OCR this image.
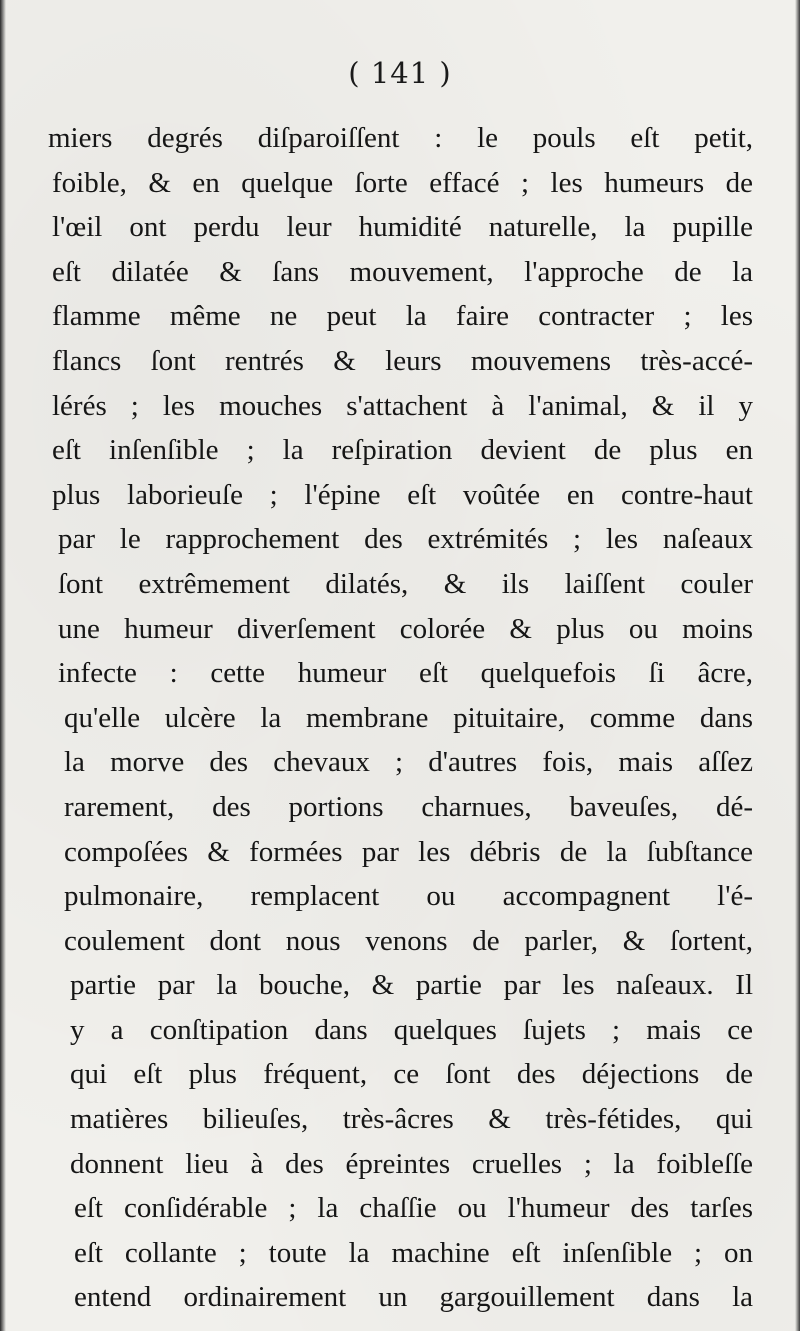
( 141 )
miers degrés diſparoiſſent : le pouls eſt petit,
foible, & en quelque ſorte effacé ; les humeurs de
l'œil ont perdu leur humidité naturelle, la pupille
eſt dilatée & ſans mouvement, l'approche de la
flamme même ne peut la faire contracter ; les
flancs ſont rentrés & leurs mouvemens très-accé-
lérés ; les mouches s'attachent à l'animal, & il y
eſt inſenſible ; la reſpiration devient de plus en
plus laborieuſe ; l'épine eſt voûtée en contre-haut
par le rapprochement des extrémités ; les naſeaux
ſont extrêmement dilatés, & ils laiſſent couler
une humeur diverſement colorée & plus ou moins
infecte : cette humeur eſt quelquefois ſi âcre,
qu'elle ulcère la membrane pituitaire, comme dans
la morve des chevaux ; d'autres fois, mais aſſez
rarement, des portions charnues, baveuſes, dé-
compoſées & formées par les débris de la ſubſtance
pulmonaire, remplacent ou accompagnent l'é-
coulement dont nous venons de parler, & ſortent,
partie par la bouche, & partie par les naſeaux. Il
y a conſtipation dans quelques ſujets ; mais ce
qui eſt plus fréquent, ce ſont des déjections de
matières bilieuſes, très-âcres & très-fétides, qui
donnent lieu à des épreintes cruelles ; la foibleſſe
eſt conſidérable ; la chaſſie ou l'humeur des tarſes
eſt collante ; toute la machine eſt inſenſible ; on
entend ordinairement un gargouillement dans la
